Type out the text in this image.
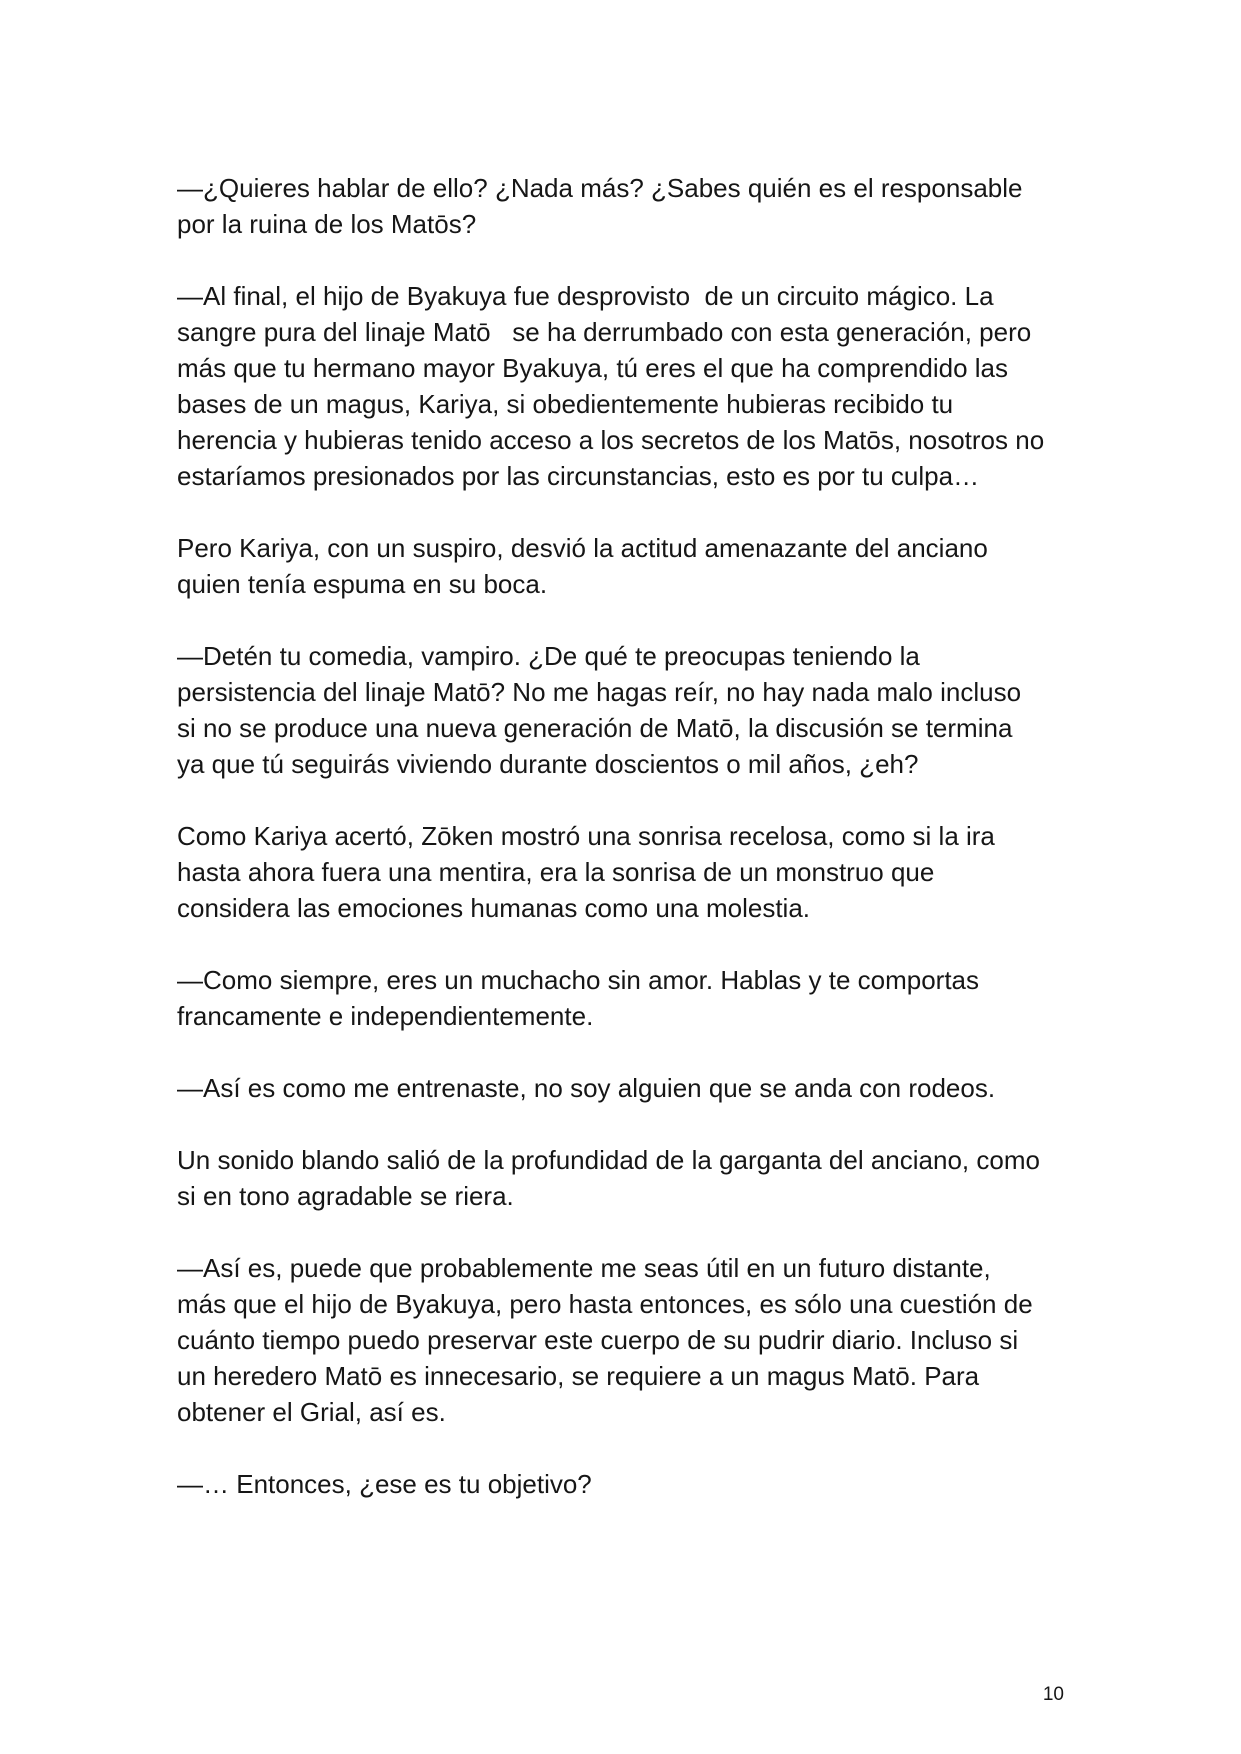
—¿Quieres hablar de ello? ¿Nada más? ¿Sabes quién es el responsable
por la ruina de los Matōs?
—Al final, el hijo de Byakuya fue desprovisto  de un circuito mágico. La
sangre pura del linaje Matō   se ha derrumbado con esta generación, pero
más que tu hermano mayor Byakuya, tú eres el que ha comprendido las
bases de un magus, Kariya, si obedientemente hubieras recibido tu
herencia y hubieras tenido acceso a los secretos de los Matōs, nosotros no
estaríamos presionados por las circunstancias, esto es por tu culpa…
Pero Kariya, con un suspiro, desvió la actitud amenazante del anciano
quien tenía espuma en su boca.
—Detén tu comedia, vampiro. ¿De qué te preocupas teniendo la
persistencia del linaje Matō? No me hagas reír, no hay nada malo incluso
si no se produce una nueva generación de Matō, la discusión se termina
ya que tú seguirás viviendo durante doscientos o mil años, ¿eh?
Como Kariya acertó, Zōken mostró una sonrisa recelosa, como si la ira
hasta ahora fuera una mentira, era la sonrisa de un monstruo que
considera las emociones humanas como una molestia.
—Como siempre, eres un muchacho sin amor. Hablas y te comportas
francamente e independientemente.
—Así es como me entrenaste, no soy alguien que se anda con rodeos.
Un sonido blando salió de la profundidad de la garganta del anciano, como
si en tono agradable se riera.
—Así es, puede que probablemente me seas útil en un futuro distante,
más que el hijo de Byakuya, pero hasta entonces, es sólo una cuestión de
cuánto tiempo puedo preservar este cuerpo de su pudrir diario. Incluso si
un heredero Matō es innecesario, se requiere a un magus Matō. Para
obtener el Grial, así es.
—… Entonces, ¿ese es tu objetivo?
10
